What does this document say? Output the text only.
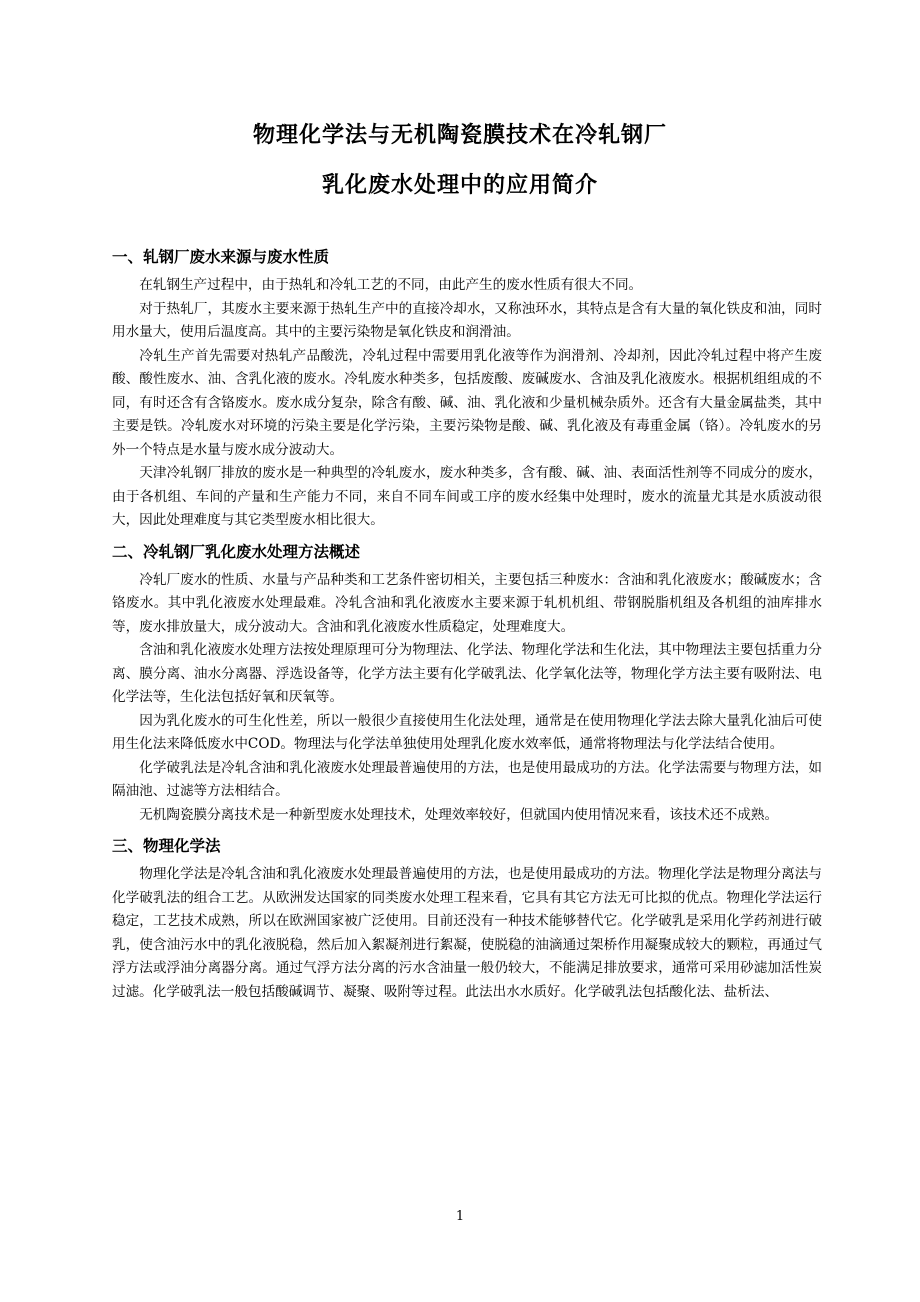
物理化学法与无机陶瓷膜技术在冷轧钢厂
乳化废水处理中的应用简介
一、轧钢厂废水来源与废水性质

在轧钢生产过程中，由于热轧和冷轧工艺的不同，由此产生的废水性质有很大不同。

对于热轧厂，其废水主要来源于热轧生产中的直接冷却水，又称浊环水，其特点是含有大量的氧化铁皮和油，同时用水量大，使用后温度高。其中的主要污染物是氧化铁皮和润滑油。

冷轧生产首先需要对热轧产品酸洗，冷轧过程中需要用乳化液等作为润滑剂、冷却剂，因此冷轧过程中将产生废酸、酸性废水、油、含乳化液的废水。冷轧废水种类多，包括废酸、废碱废水、含油及乳化液废水。根据机组组成的不同，有时还含有含铬废水。废水成分复杂，除含有酸、碱、油、乳化液和少量机械杂质外。还含有大量金属盐类，其中主要是铁。冷轧废水对环境的污染主要是化学污染，主要污染物是酸、碱、乳化液及有毒重金属（铬）。冷轧废水的另外一个特点是水量与废水成分波动大。

天津冷轧钢厂排放的废水是一种典型的冷轧废水，废水种类多，含有酸、碱、油、表面活性剂等不同成分的废水，由于各机组、车间的产量和生产能力不同，来自不同车间或工序的废水经集中处理时，废水的流量尤其是水质波动很大，因此处理难度与其它类型废水相比很大。

二、冷轧钢厂乳化废水处理方法概述

冷轧厂废水的性质、水量与产品种类和工艺条件密切相关，主要包括三种废水：含油和乳化液废水；酸碱废水；含铬废水。其中乳化液废水处理最难。冷轧含油和乳化液废水主要来源于轧机机组、带钢脱脂机组及各机组的油库排水等，废水排放量大，成分波动大。含油和乳化液废水性质稳定，处理难度大。

含油和乳化液废水处理方法按处理原理可分为物理法、化学法、物理化学法和生化法，其中物理法主要包括重力分离、膜分离、油水分离器、浮选设备等，化学方法主要有化学破乳法、化学氧化法等，物理化学方法主要有吸附法、电化学法等，生化法包括好氧和厌氧等。

因为乳化废水的可生化性差，所以一般很少直接使用生化法处理，通常是在使用物理化学法去除大量乳化油后可使用生化法来降低废水中COD。物理法与化学法单独使用处理乳化废水效率低，通常将物理法与化学法结合使用。

化学破乳法是冷轧含油和乳化液废水处理最普遍使用的方法，也是使用最成功的方法。化学法需要与物理方法，如隔油池、过滤等方法相结合。

无机陶瓷膜分离技术是一种新型废水处理技术，处理效率较好，但就国内使用情况来看，该技术还不成熟。

三、物理化学法

物理化学法是冷轧含油和乳化液废水处理最普遍使用的方法，也是使用最成功的方法。物理化学法是物理分离法与化学破乳法的组合工艺。从欧洲发达国家的同类废水处理工程来看，它具有其它方法无可比拟的优点。物理化学法运行稳定，工艺技术成熟，所以在欧洲国家被广泛使用。目前还没有一种技术能够替代它。化学破乳是采用化学药剂进行破乳，使含油污水中的乳化液脱稳，然后加入絮凝剂进行絮凝，使脱稳的油滴通过架桥作用凝聚成较大的颗粒，再通过气浮方法或浮油分离器分离。通过气浮方法分离的污水含油量一般仍较大，不能满足排放要求，通常可采用砂滤加活性炭过滤。化学破乳法一般包括酸碱调节、凝聚、吸附等过程。此法出水水质好。化学破乳法包括酸化法、盐析法、

1
